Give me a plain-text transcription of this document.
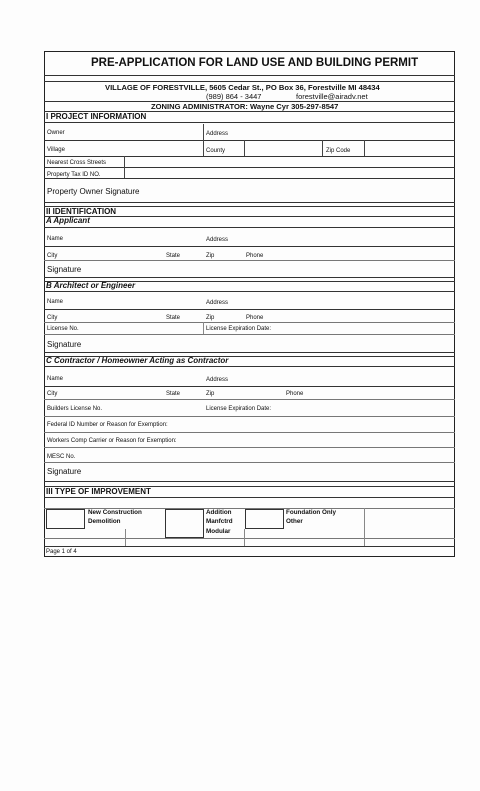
PRE-APPLICATION FOR LAND USE AND BUILDING PERMIT
VILLAGE OF FORESTVILLE, 5605 Cedar St., PO Box 36, Forestville MI 48434
(989) 864 - 3447	forestville@airadv.net
ZONING ADMINISTRATOR: Wayne Cyr 305-297-8547
I PROJECT INFORMATION
Owner	Address
Village	County	Zip Code
Nearest Cross Streets
Property Tax ID NO.
Property Owner Signature
II IDENTIFICATION
A Applicant
Name	Address
City	State	Zip	Phone
Signature
B Architect or Engineer
Name	Address
City	State	Zip	Phone
License No.	License Expiration Date:
Signature
C Contractor / Homeowner Acting as Contractor
Name	Address
City	State	Zip	Phone
Builders License No.	License Expiration Date:
Federal ID Number or Reason for Exemption:
Workers Comp Carrier or Reason for Exemption:
MESC No.
Signature
III TYPE OF IMPROVEMENT
New Construction
Demolition
Addition
Manfctrd
Modular
Foundation Only
Other
Page 1 of 4
